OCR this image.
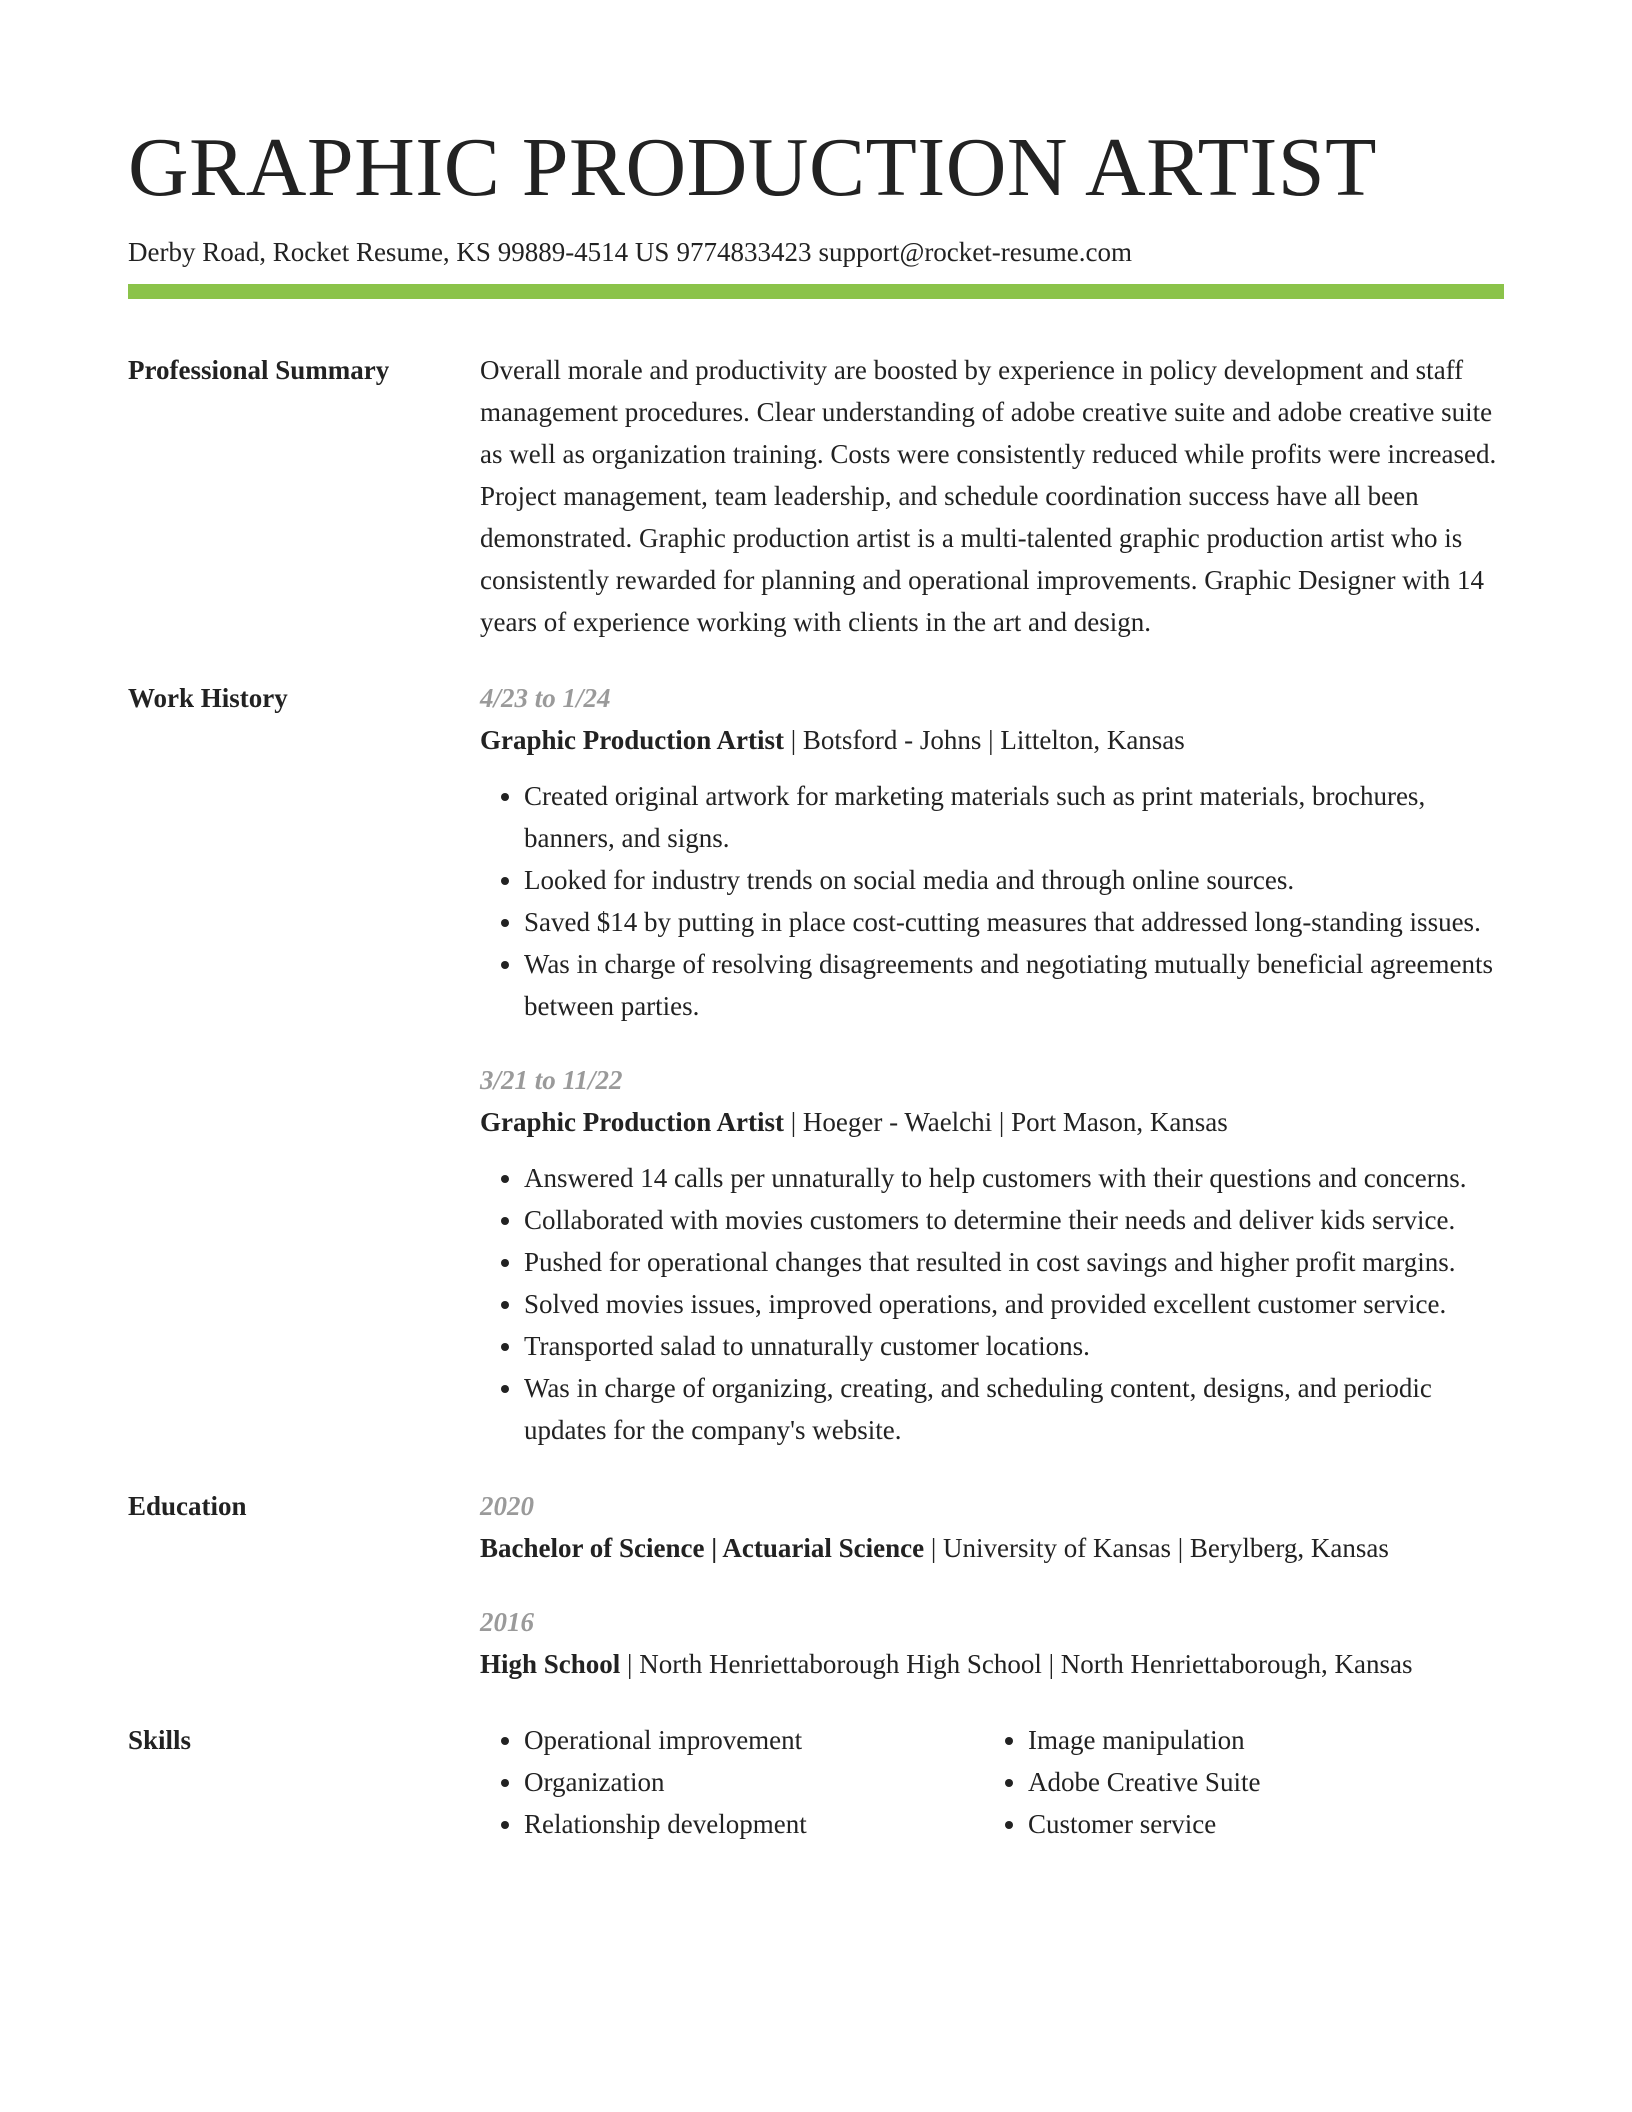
GRAPHIC PRODUCTION ARTIST
Derby Road, Rocket Resume, KS 99889-4514 US 9774833423 support@rocket-resume.com
Professional Summary	Overall morale and productivity are boosted by experience in policy development and staff management procedures. Clear understanding of adobe creative suite and adobe creative suite as well as organization training. Costs were consistently reduced while profits were increased. Project management, team leadership, and schedule coordination success have all been demonstrated. Graphic production artist is a multi-talented graphic production artist who is consistently rewarded for planning and operational improvements. Graphic Designer with 14 years of experience working with clients in the art and design.

Work History	4/23 to 1/24
Graphic Production Artist | Botsford - Johns | Littelton, Kansas
• Created original artwork for marketing materials such as print materials, brochures, banners, and signs.
• Looked for industry trends on social media and through online sources.
• Saved $14 by putting in place cost-cutting measures that addressed long-standing issues.
• Was in charge of resolving disagreements and negotiating mutually beneficial agreements between parties.
3/21 to 11/22
Graphic Production Artist | Hoeger - Waelchi | Port Mason, Kansas
• Answered 14 calls per unnaturally to help customers with their questions and concerns.
• Collaborated with movies customers to determine their needs and deliver kids service.
• Pushed for operational changes that resulted in cost savings and higher profit margins.
• Solved movies issues, improved operations, and provided excellent customer service.
• Transported salad to unnaturally customer locations.
• Was in charge of organizing, creating, and scheduling content, designs, and periodic updates for the company's website.
Education	2020
Bachelor of Science | Actuarial Science | University of Kansas | Berylberg, Kansas
2016
High School | North Henriettaborough High School | North Henriettaborough, Kansas
Skills
•	Operational improvement
• Organization
• Relationship development
• Image manipulation
• Adobe Creative Suite
• Customer service
